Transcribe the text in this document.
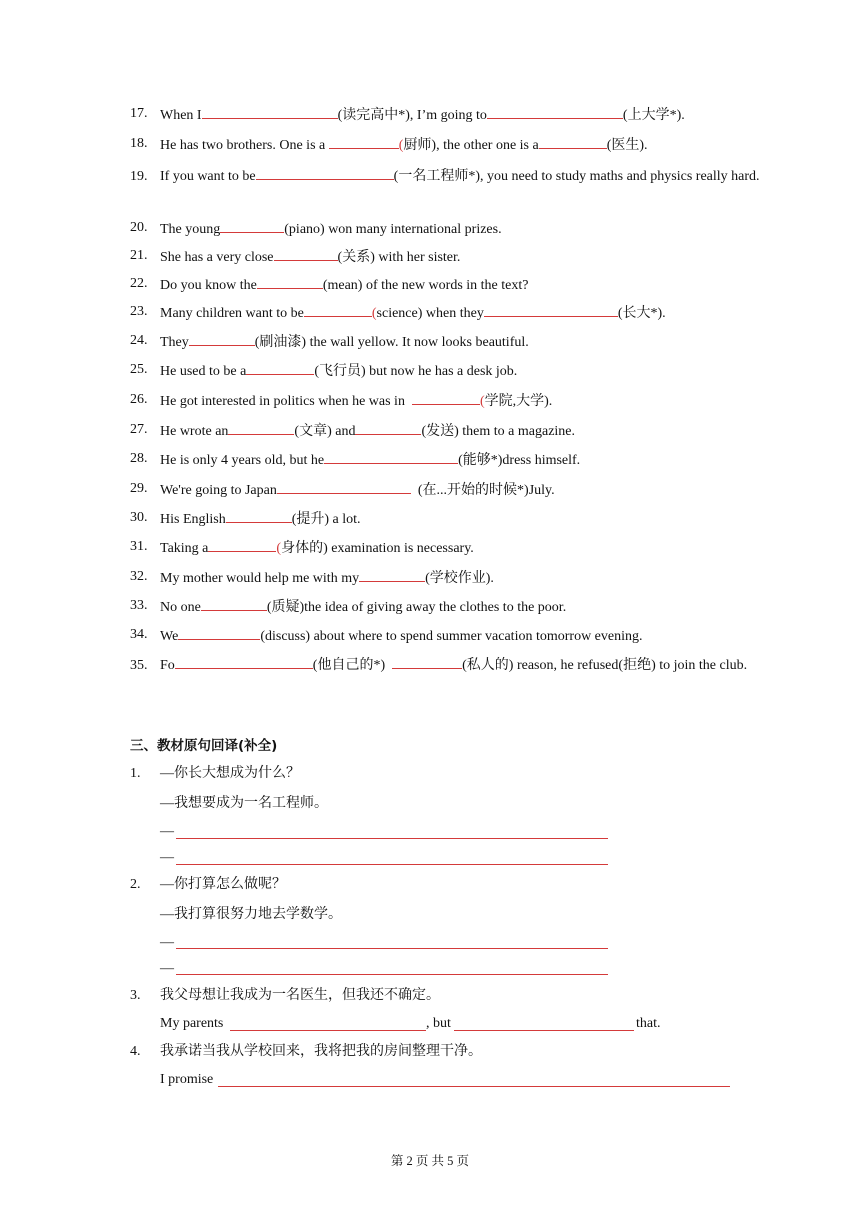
17. When I	(读完高中*), I’m going to	(上大学*).
18. He has two brothers. One is a	(厨师), the other one is a	(医生).
19. If you want to be	(一名工程师*), you need to study maths and physics really hard.
20. The young	(piano) won many international prizes.
21. She has a very close	(关系) with her sister.
22. Do you know the	(mean) of the new words in the text?
23. Many children want to be	(science) when they	(长大*).
24. They	(刷油漆) the wall yellow. It now looks beautiful.
25. He used to be a	(飞行员) but now he has a desk job.
26. He got interested in politics when he was in	(学院,大学).
27. He wrote an	(文章) and	(发送) them to a magazine.
28. He is only 4 years old, but he	(能够*)dress himself.
29. We're going to Japan	(在...开始的时候*)July.
30. His English	(提升) a lot.
31. Taking a	(身体的) examination is necessary.
32. My mother would help me with my	(学校作业).
33. No one	(质疑)the idea of giving away the clothes to the poor.
34. We	(discuss) about where to spend summer vacation tomorrow evening.
35. Fo	(他自己的*)	(私人的) reason, he refused(拒绝) to join the club.
三、教材原句回译(补全)
1. —你长大想成为什么？
—我想要成为一名工程师。
—
—
2. —你打算怎么做呢？
—我打算很努力地去学数学。
—
—
3. 我父母想让我成为一名医生，但我还不确定。
My parents	, but	that.
4. 我承诺当我从学校回来，我将把我的房间整理干净。
I promise
第 2 页 共 5 页
